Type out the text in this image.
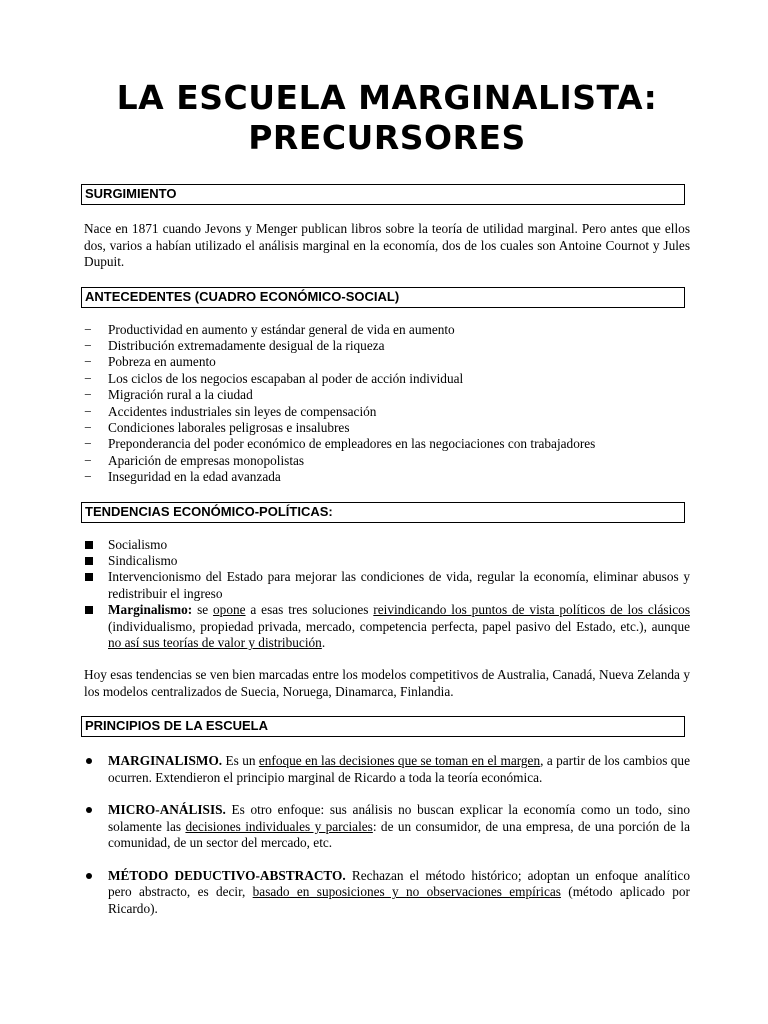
LA ESCUELA MARGINALISTA:
PRECURSORES
SURGIMIENTO

Nace en 1871 cuando Jevons y Menger publican libros sobre la teoría de utilidad marginal. Pero antes que ellos dos, varios a habían utilizado el análisis marginal en la economía, dos de los cuales son Antoine Cournot y Jules Dupuit.

ANTECEDENTES (CUADRO ECONÓMICO-SOCIAL)
− Productividad en aumento y estándar general de vida en aumento
− Distribución extremadamente desigual de la riqueza
− Pobreza en aumento
− Los ciclos de los negocios escapaban al poder de acción individual
− Migración rural a la ciudad
− Accidentes industriales sin leyes de compensación
− Condiciones laborales peligrosas e insalubres
− Preponderancia del poder económico de empleadores en las negociaciones con trabajadores
− Aparición de empresas monopolistas
− Inseguridad en la edad avanzada
TENDENCIAS ECONÓMICO-POLÍTICAS:
Socialismo
Sindicalismo
Intervencionismo del Estado para mejorar las condiciones de vida, regular la economía, eliminar abusos y redistribuir el ingreso
Marginalismo: se opone a esas tres soluciones reivindicando los puntos de vista políticos de los clásicos (individualismo, propiedad privada, mercado, competencia perfecta, papel pasivo del Estado, etc.), aunque no así sus teorías de valor y distribución.

Hoy esas tendencias se ven bien marcadas entre los modelos competitivos de Australia, Canadá, Nueva Zelanda y los modelos centralizados de Suecia, Noruega, Dinamarca, Finlandia.

PRINCIPIOS DE LA ESCUELA
MARGINALISMO. Es un enfoque en las decisiones que se toman en el margen, a partir de los cambios que ocurren. Extendieron el principio marginal de Ricardo a toda la teoría económica.
MICRO-ANÁLISIS. Es otro enfoque: sus análisis no buscan explicar la economía como un todo, sino solamente las decisiones individuales y parciales: de un consumidor, de una empresa, de una porción de la comunidad, de un sector del mercado, etc.
MÉTODO DEDUCTIVO-ABSTRACTO. Rechazan el método histórico; adoptan un enfoque analítico pero abstracto, es decir, basado en suposiciones y no observaciones empíricas (método aplicado por Ricardo).
